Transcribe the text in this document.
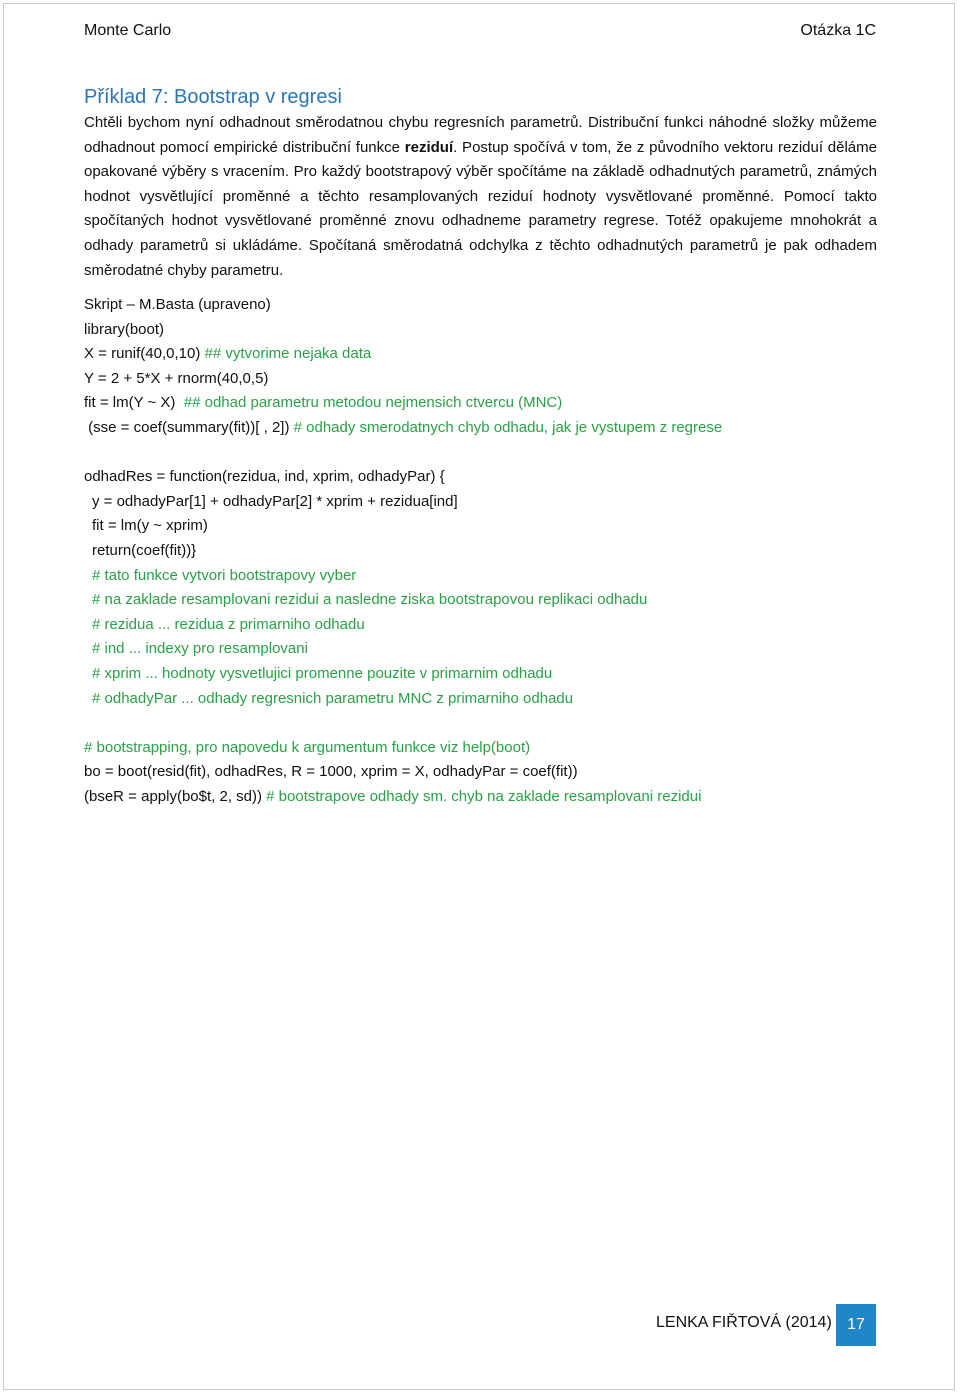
Monte Carlo	Otázka 1C
Příklad 7: Bootstrap v regresi

Chtěli bychom nyní odhadnout směrodatnou chybu regresních parametrů. Distribuční funkci náhodné složky můžeme odhadnout pomocí empirické distribuční funkce reziduí. Postup spočívá v tom, že z původního vektoru reziduí děláme opakované výběry s vracením. Pro každý bootstrapový výběr spočítáme na základě odhadnutých parametrů, známých hodnot vysvětlující proměnné a těchto resamplovaných reziduí hodnoty vysvětlované proměnné. Pomocí takto spočítaných hodnot vysvětlované proměnné znovu odhadneme parametry regrese. Totéž opakujeme mnohokrát a odhady parametrů si ukládáme. Spočítaná směrodatná odchylka z těchto odhadnutých parametrů je pak odhadem směrodatné chyby parametru.

Skript – M.Basta (upraveno)
library(boot)
X = runif(40,0,10) ## vytvorime nejaka data
Y = 2 + 5*X + rnorm(40,0,5)
fit = lm(Y ~ X)  ## odhad parametru metodou nejmensich ctvercu (MNC)
(sse = coef(summary(fit))[ , 2]) # odhady smerodatnych chyb odhadu, jak je vystupem z regrese
odhadRes = function(rezidua, ind, xprim, odhadyPar) {
y = odhadyPar[1] + odhadyPar[2] * xprim + rezidua[ind]
fit = lm(y ~ xprim)
return(coef(fit))}
# tato funkce vytvori bootstrapovy vyber
# na zaklade resamplovani rezidui a nasledne ziska bootstrapovou replikaci odhadu
# rezidua ... rezidua z primarniho odhadu
# ind ... indexy pro resamplovani
# xprim ... hodnoty vysvetlujici promenne pouzite v primarnim odhadu
# odhadyPar ... odhady regresnich parametru MNC z primarniho odhadu
# bootstrapping, pro napovedu k argumentum funkce viz help(boot)
bo = boot(resid(fit), odhadRes, R = 1000, xprim = X, odhadyPar = coef(fit))
(bseR = apply(bo$t, 2, sd)) # bootstrapove odhady sm. chyb na zaklade resamplovani rezidui
LENKA FIŘTOVÁ (2014) 17
